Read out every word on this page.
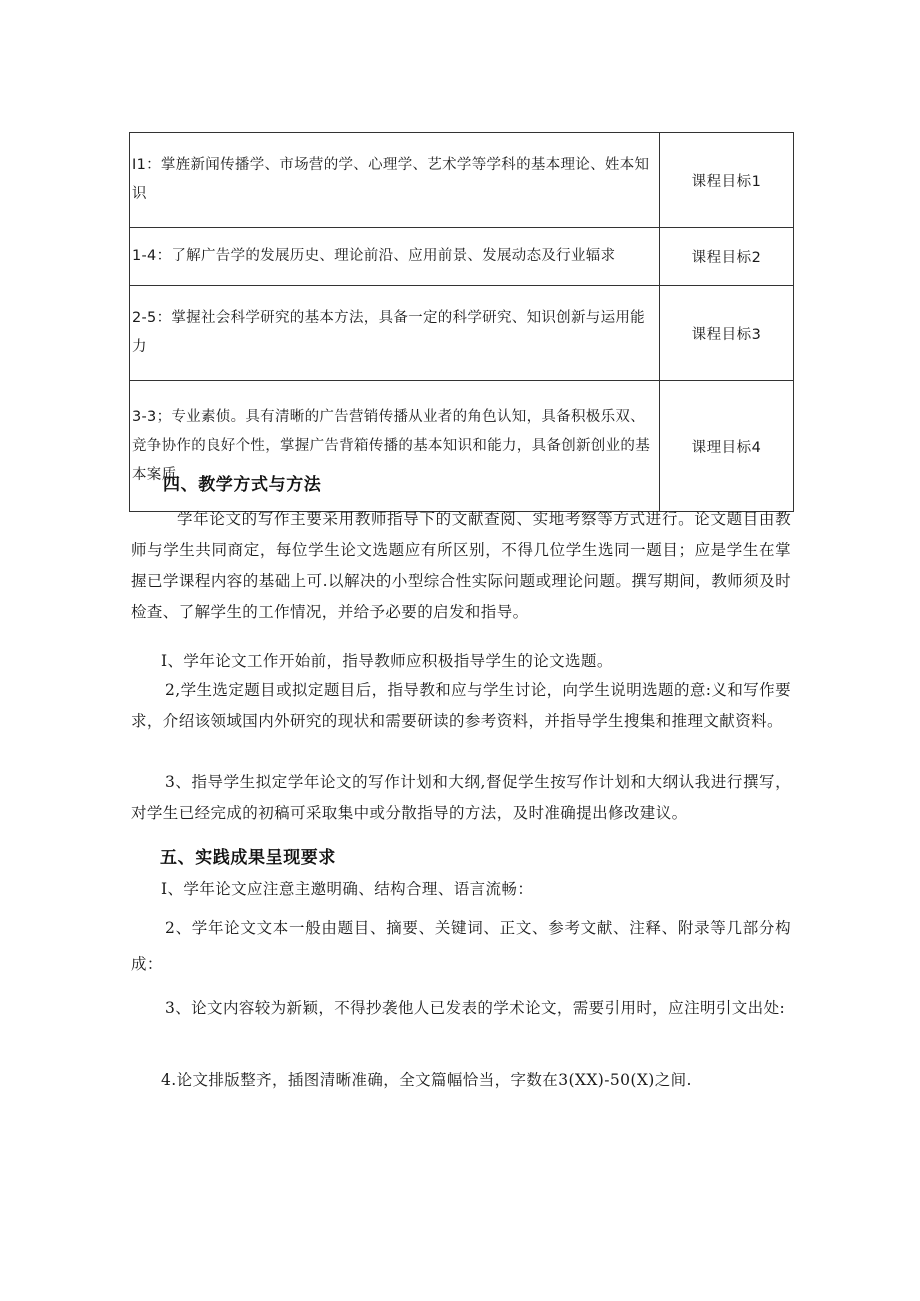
I1：掌旌新闻传播学、市场营的学、心理学、艺术学等学科的基本理论、姓本知识	课程目标1
1-4：了解广告学的发展历史、理论前沿、应用前景、发展动态及行业辐求	课程目标2
2-5：掌握社会科学研究的基本方法，具备一定的科学研究、知识创新与运用能力	课程目标3
3-3；专业素侦。具有清晰的广告营销传播从业者的角色认知，具备积极乐双、竞争协作的良好个性，掌握广告背箱传播的基本知识和能力，具备创新创业的基本案质	课理目标4
四、教学方式与方法

学年论文的写作主要采用教师指导下的文献查阅、实地考察等方式进行。论文题目由教师与学生共同商定，每位学生论文选题应有所区别，不得几位学生选同一题目；应是学生在掌握已学课程内容的基础上可.以解决的小型综合性实际问题或理论问题。撰写期间，教师须及时检查、了解学生的工作情况，并给予必要的启发和指导。

I、学年论文工作开始前，指导教师应积极指导学生的论文选题。

2,学生选定题目或拟定题目后，指导教和应与学生讨论，向学生说明选题的意:义和写作要求，介绍该领域国内外研究的现状和需要研读的参考资料，并指导学生搜集和推理文献资料。

3、指导学生拟定学年论文的写作计划和大纲,督促学生按写作计划和大纲认我进行撰写，对学生已经完成的初稿可采取集中或分散指导的方法，及时准确提出修改建议。

五、实践成果呈现要求

I、学年论文应注意主邀明确、结构合理、语言流畅：

2、学年论文文本一般由题目、摘要、关键词、正文、参考文献、注释、附录等几部分构成：

3、论文内容较为新颖，不得抄袭他人已发表的学术论文，需要引用时，应注明引文出处:

4.论文排版整齐，插图清晰准确，全文篇幅恰当，字数在3(XX)-50(X)之间.
